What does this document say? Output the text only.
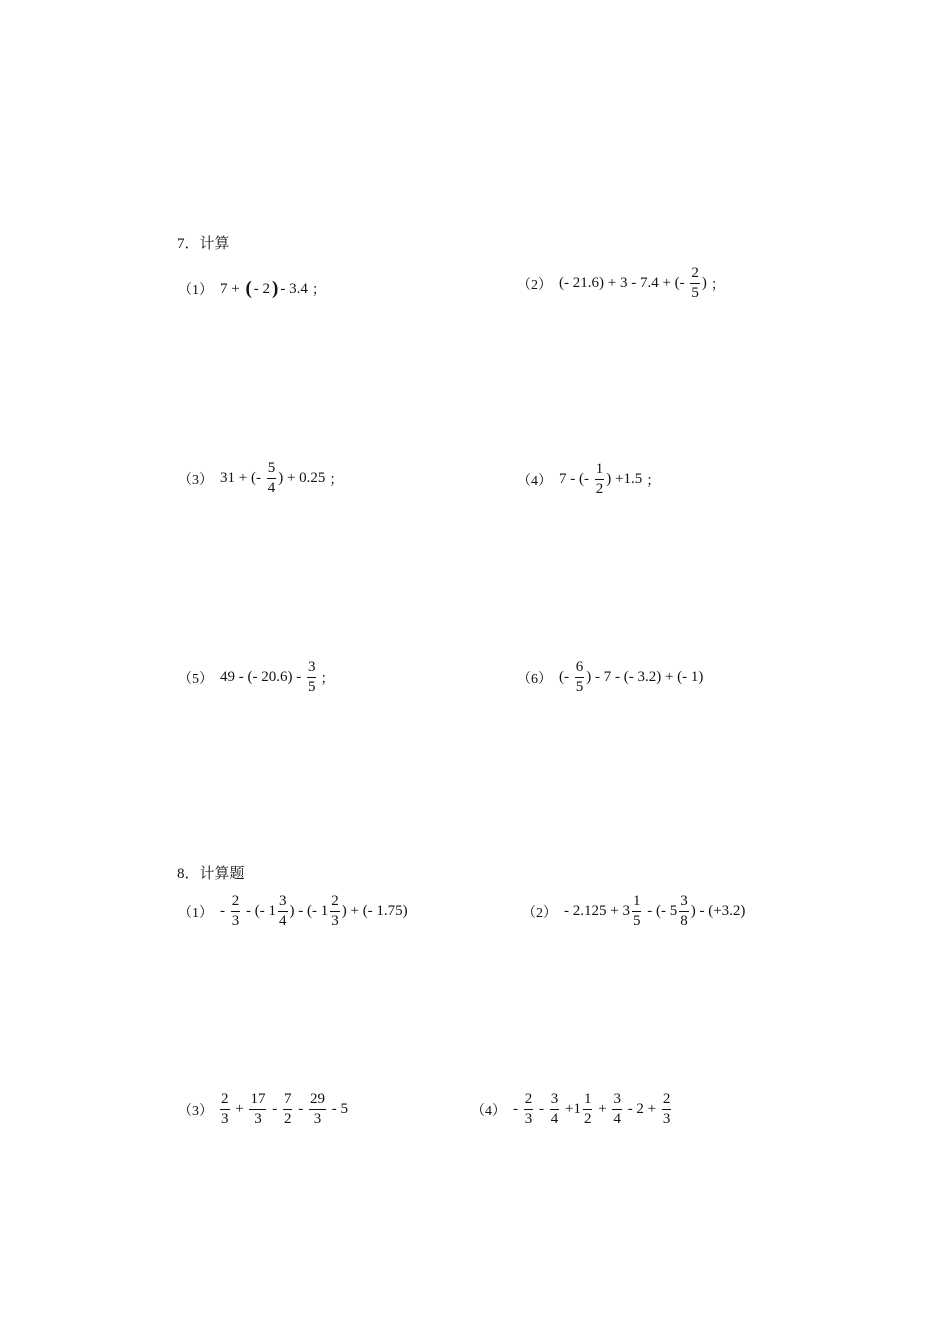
7．计算
（1） 7 + ( - 2 ) - 3.4 ；	（2） (- 21.6) + 3 - 7.4 + (- $\frac{2}{5}$ ) ；
（3） 31 + (- $\frac{5}{4}$ ) + 0.25 ；	（4） 7 - (- $\frac{1}{2}$ ) +1.5 ；
（5） 49 - (- $20.6) - \frac{3}{5}$ ；	（6） (- $\frac{6}{5}$ ) - 7 - (- 3.2) + (- 1)
8．计算题
$(1) - \frac{2}{3}$ - (- $1 \frac{3}{4}$ ) - (- $1 \frac{2}{3}$ ) + (- 1.75)	$(2) - 2.125 + 3 \frac{1}{5}$ - (- $5 \frac{3}{8}$ ) - (+3.2)
$(3) \frac{2}{3} + \frac{17}{3} - \frac{7}{2} - \frac{29}{3} - 5$	$(4) - \frac{2}{3} - \frac{3}{4} +1 \frac{1}{2} + \frac{3}{4} - 2 + \frac{2}{3}$
